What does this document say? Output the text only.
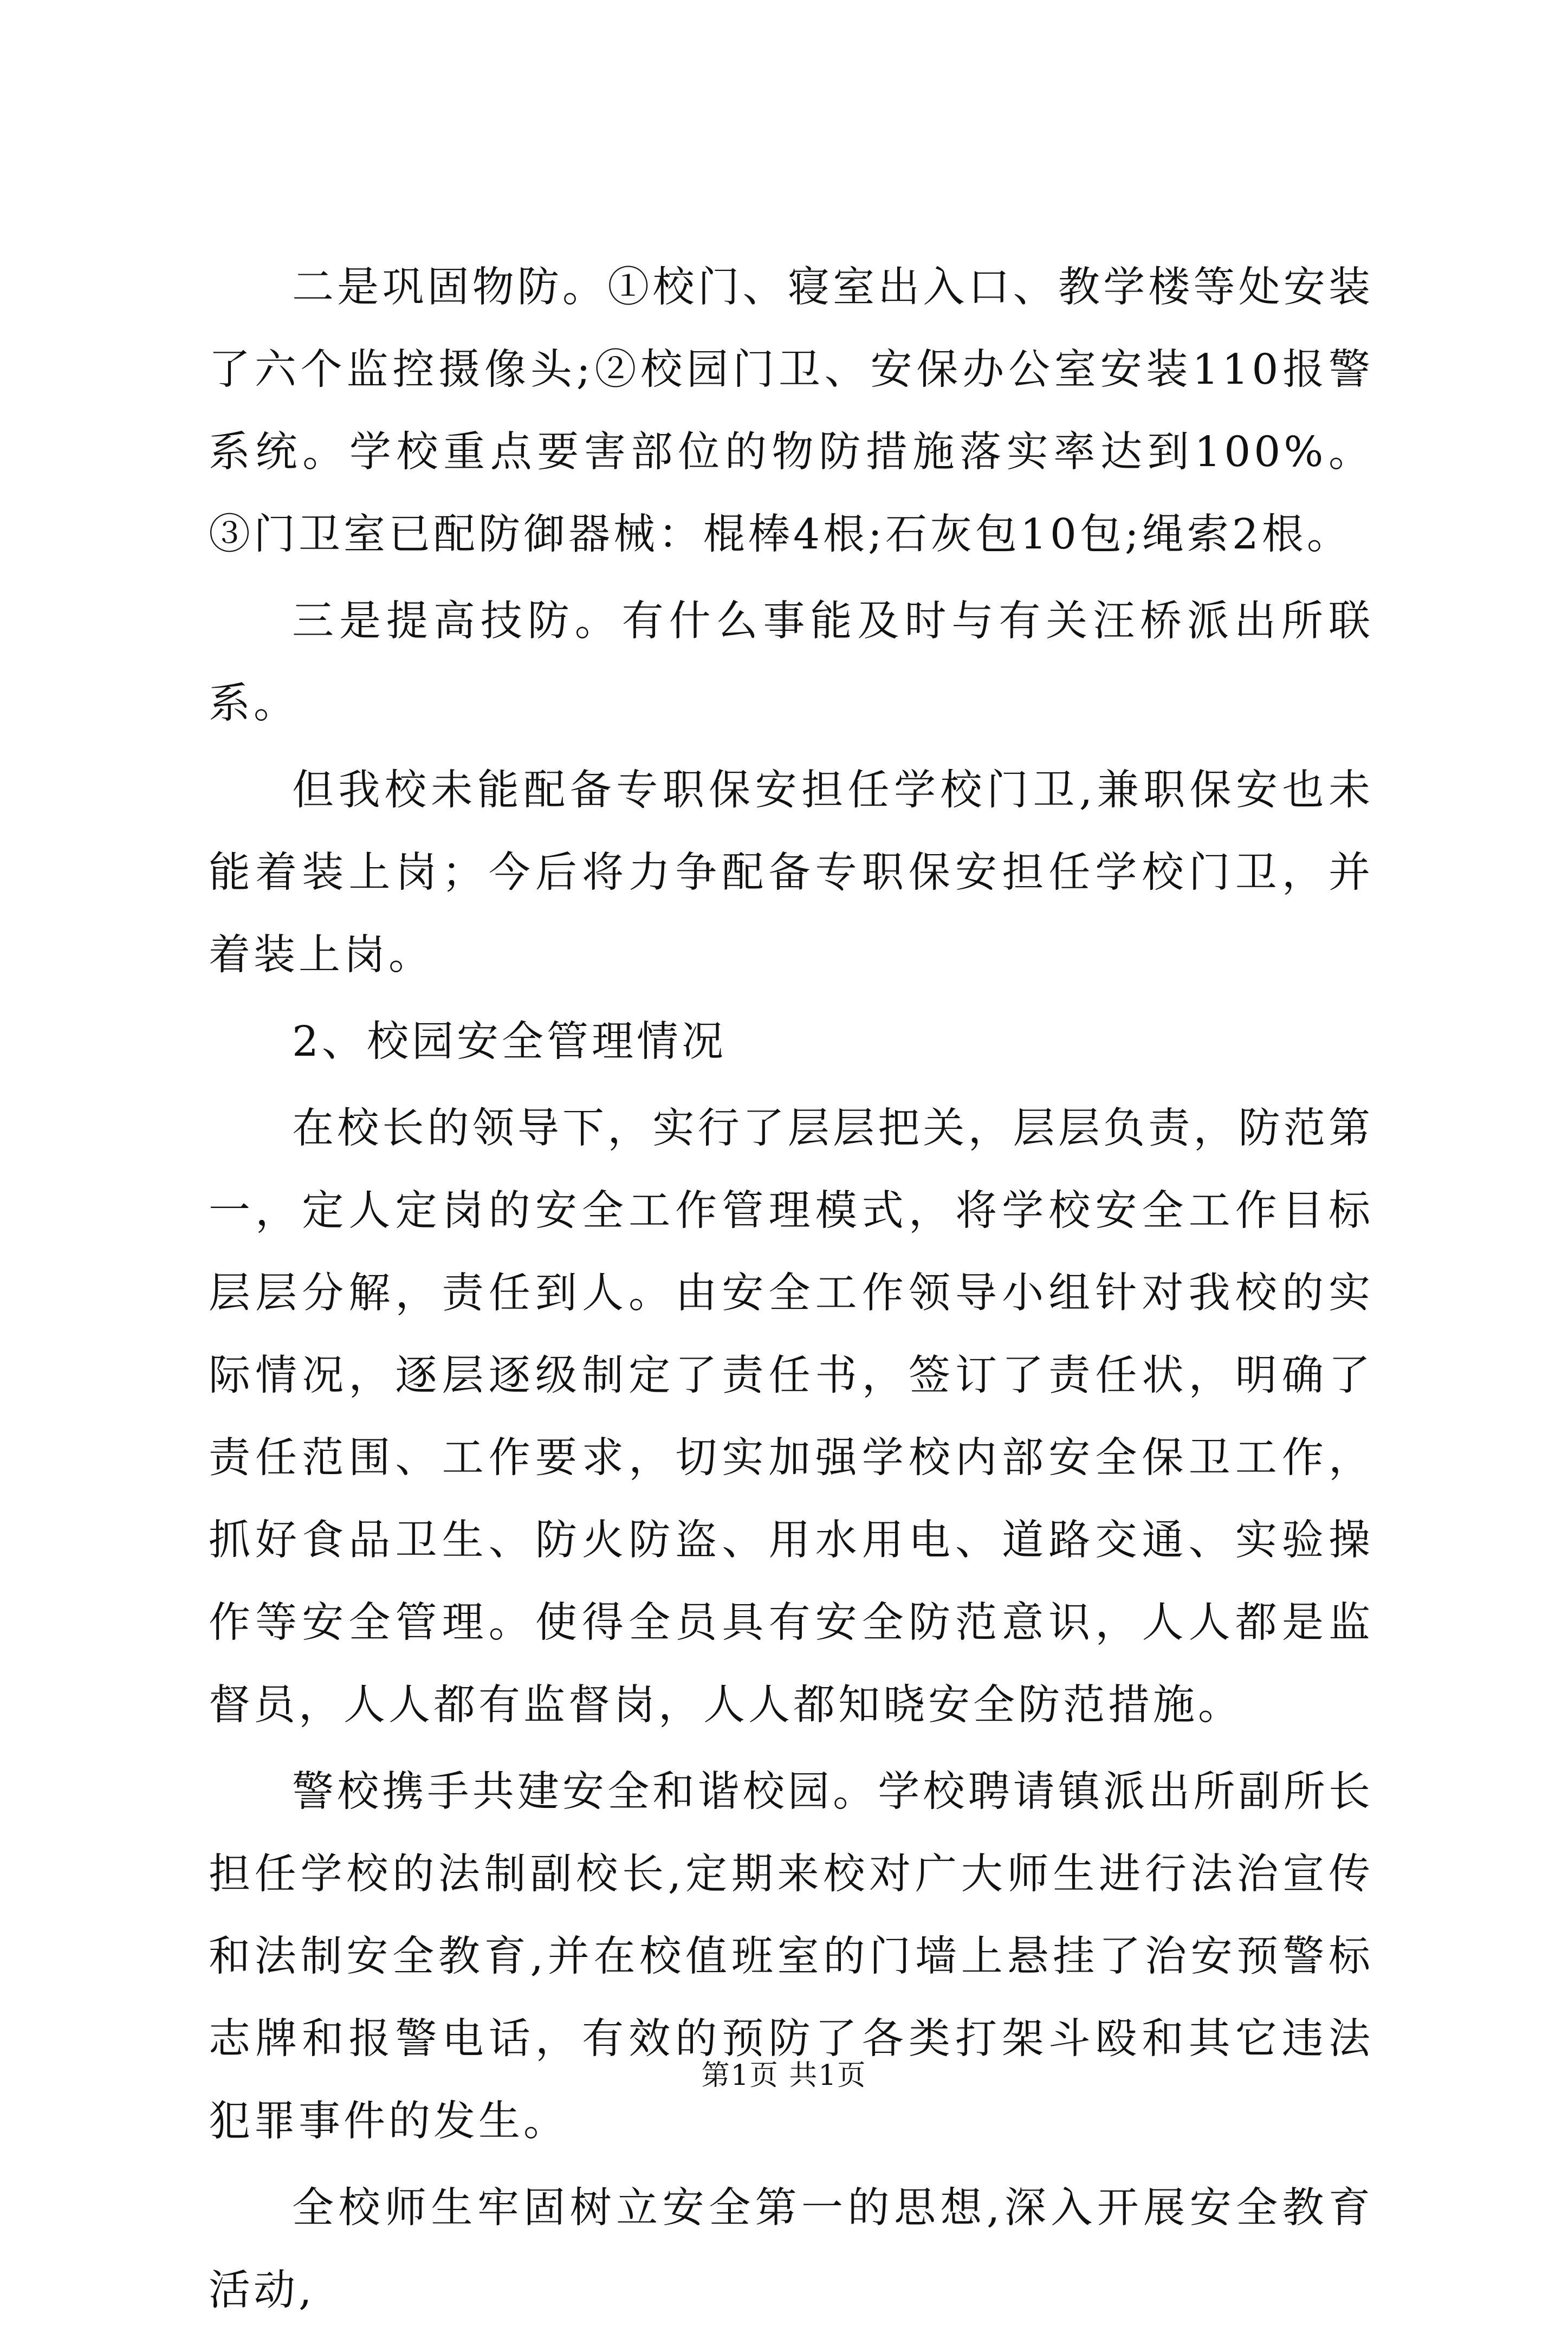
二是巩固物防。①校门、寝室出入口、教学楼等处安装了六个监控摄像头;②校园门卫、安保办公室安装110报警系统。学校重点要害部位的物防措施落实率达到100%。③门卫室已配防御器械：棍棒4根;石灰包10包;绳索2根。

三是提高技防。有什么事能及时与有关汪桥派出所联系。

但我校未能配备专职保安担任学校门卫,兼职保安也未能着装上岗；今后将力争配备专职保安担任学校门卫，并着装上岗。

2、校园安全管理情况

在校长的领导下，实行了层层把关，层层负责，防范第一，定人定岗的安全工作管理模式，将学校安全工作目标层层分解，责任到人。由安全工作领导小组针对我校的实际情况，逐层逐级制定了责任书，签订了责任状，明确了责任范围、工作要求，切实加强学校内部安全保卫工作，抓好食品卫生、防火防盗、用水用电、道路交通、实验操作等安全管理。使得全员具有安全防范意识，人人都是监督员，人人都有监督岗，人人都知晓安全防范措施。

警校携手共建安全和谐校园。学校聘请镇派出所副所长担任学校的法制副校长,定期来校对广大师生进行法治宣传和法制安全教育,并在校值班室的门墙上悬挂了治安预警标志牌和报警电话，有效的预防了各类打架斗殴和其它违法犯罪事件的发生。

全校师生牢固树立安全第一的思想,深入开展安全教育活动,

第1页 共1页
